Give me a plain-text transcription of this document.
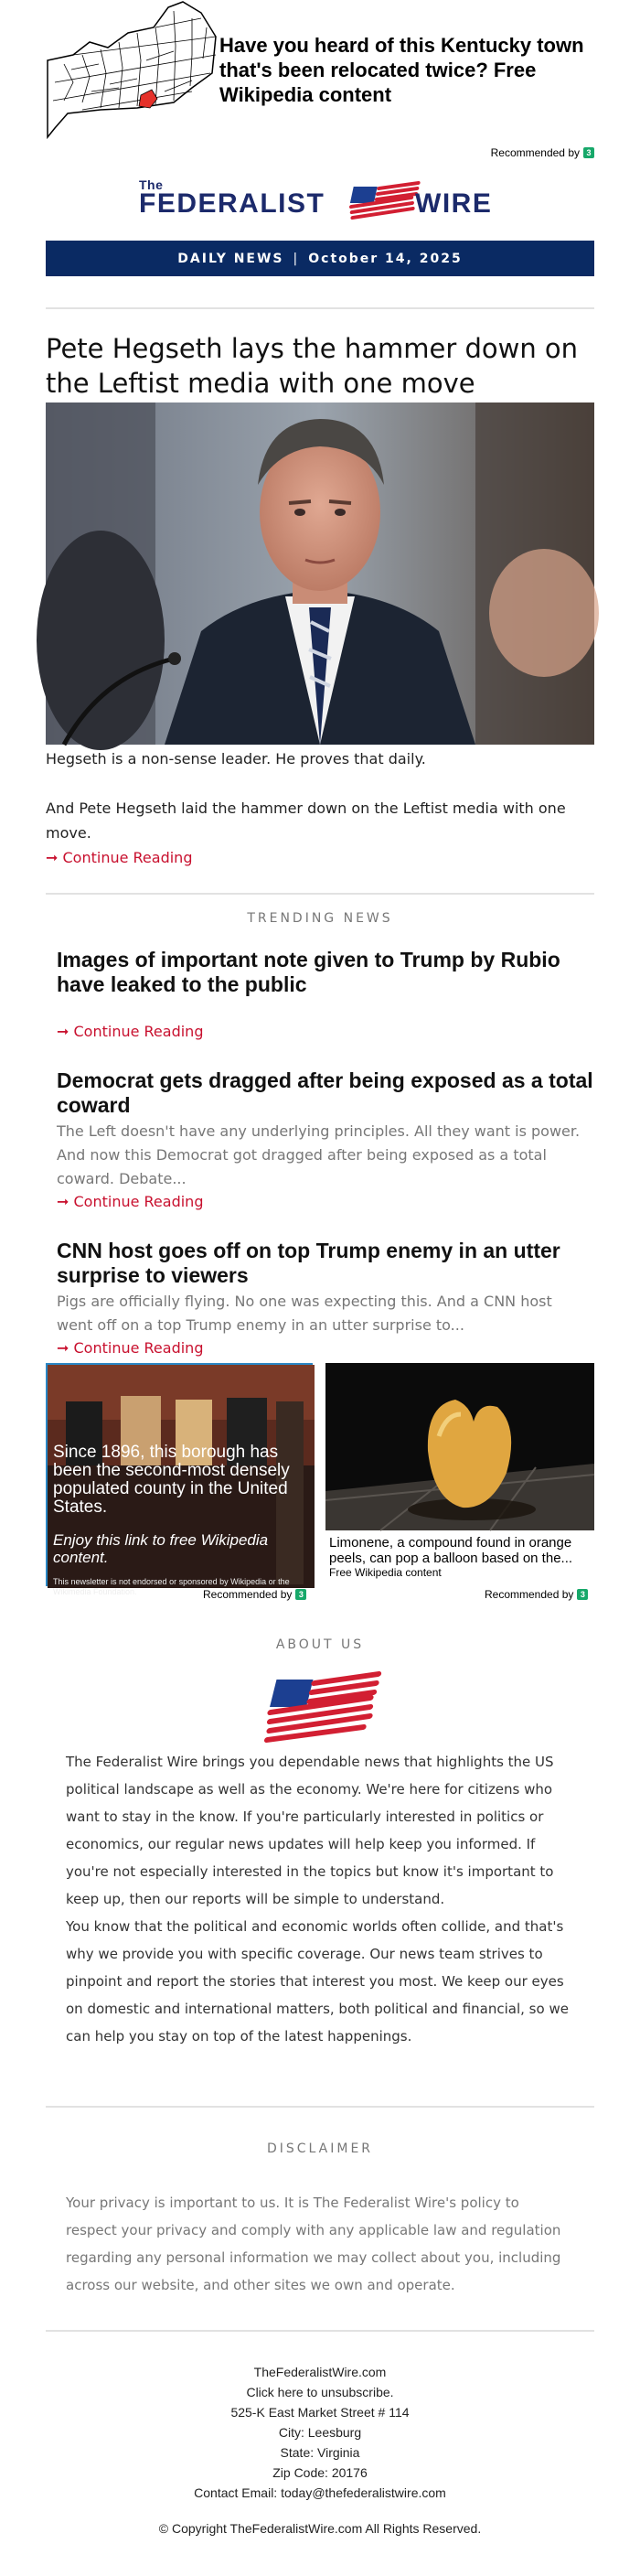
Have you heard of this Kentucky town that's been relocated twice? Free Wikipedia content
Recommended by 3
The
FEDERALIST	WIRE
DAILY NEWS | October 14, 2025
Pete Hegseth lays the hammer down on the Leftist media with one move
Hegseth is a non-sense leader. He proves that daily.
And Pete Hegseth laid the hammer down on the Leftist media with one move.
➞ Continue Reading
TRENDING NEWS
Images of important note given to Trump by Rubio have leaked to the public
➞ Continue Reading
Democrat gets dragged after being exposed as a total coward
The Left doesn't have any underlying principles. All they want is power. And now this Democrat got dragged after being exposed as a total coward. Debate...
➞ Continue Reading
CNN host goes off on top Trump enemy in an utter surprise to viewers
Pigs are officially flying. No one was expecting this. And a CNN host went off on a top Trump enemy in an utter surprise to...
➞ Continue Reading
Since 1896, this borough has been the second-most densely populated county in the United States.
Enjoy this link to free Wikipedia content.
This newsletter is not endorsed or sponsored by Wikipedia or the Wikimedia Foundation.	Recommended by 3
Limonene, a compound found in orange peels, can pop a balloon based on the...
Free Wikipedia content
Recommended by 3
ABOUT US
The Federalist Wire brings you dependable news that highlights the US political landscape as well as the economy. We're here for citizens who want to stay in the know. If you're particularly interested in politics or economics, our regular news updates will help keep you informed. If you're not especially interested in the topics but know it's important to keep up, then our reports will be simple to understand.
You know that the political and economic worlds often collide, and that's why we provide you with specific coverage. Our news team strives to pinpoint and report the stories that interest you most. We keep our eyes on domestic and international matters, both political and financial, so we can help you stay on top of the latest happenings.
DISCLAIMER
Your privacy is important to us. It is The Federalist Wire's policy to respect your privacy and comply with any applicable law and regulation regarding any personal information we may collect about you, including across our website, and other sites we own and operate.
TheFederalistWire.com
Click here to unsubscribe.
525-K East Market Street # 114
City: Leesburg
State: Virginia
Zip Code: 20176
Contact Email: today@thefederalistwire.com
© Copyright TheFederalistWire.com All Rights Reserved.
